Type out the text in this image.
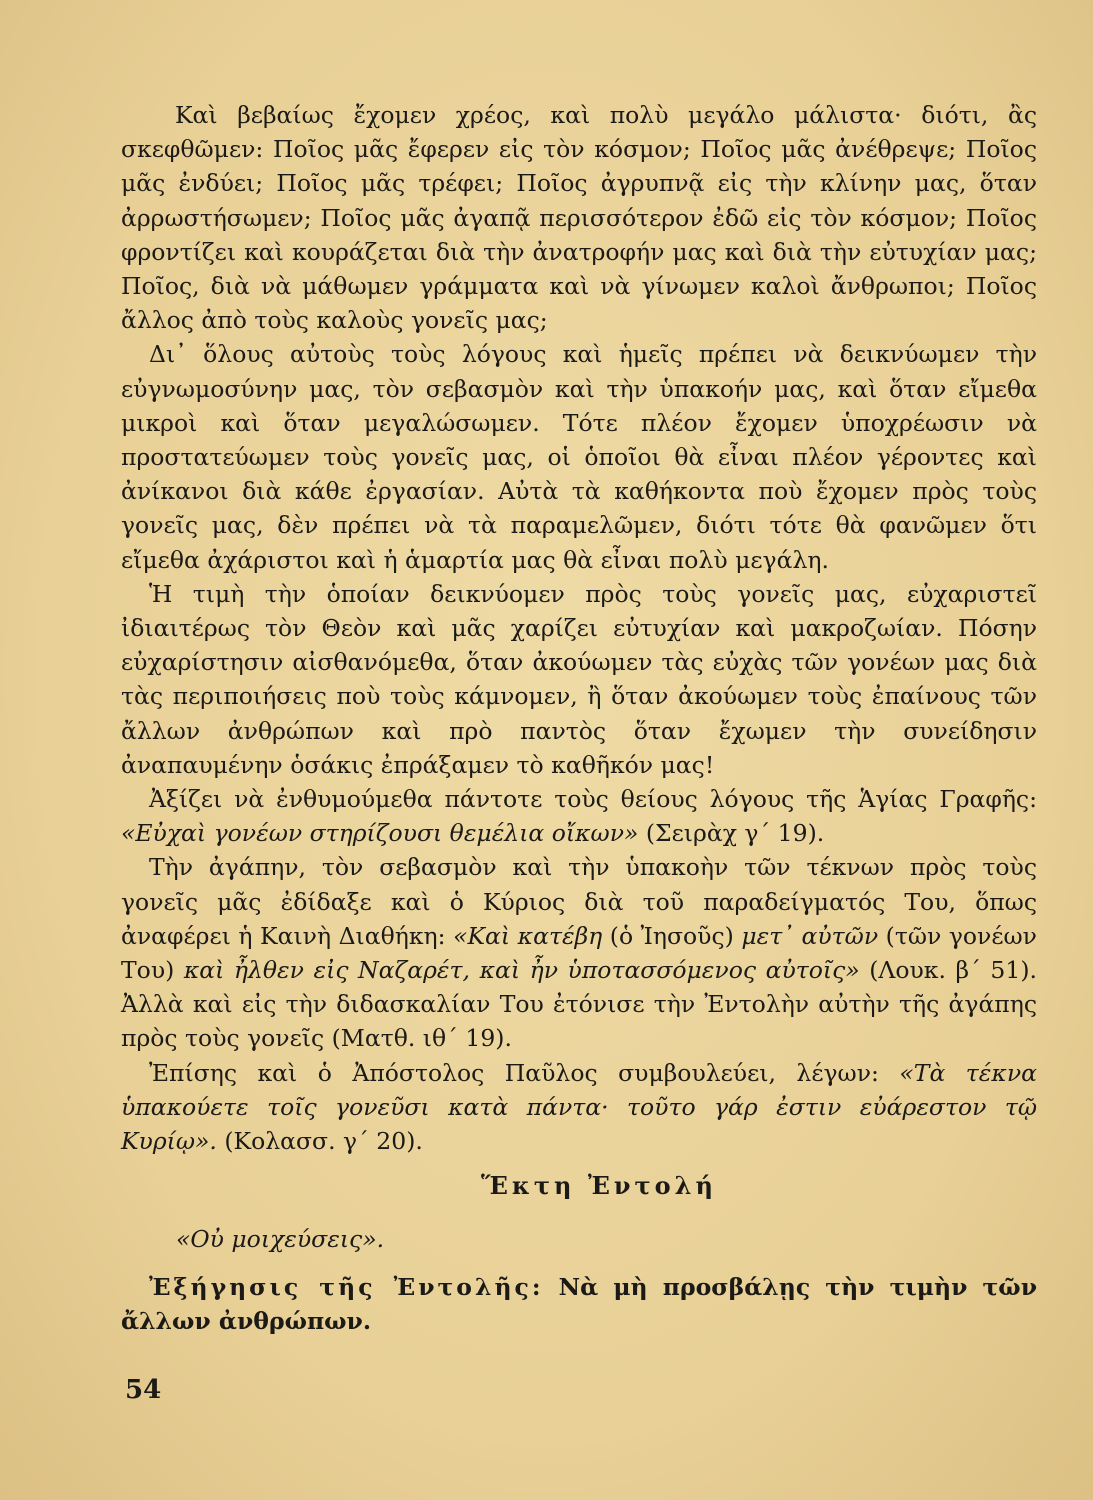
Καὶ βεβαίως ἔχομεν χρέος, καὶ πολὺ μεγάλο μάλιστα· διότι, ἂς σκεφθῶμεν: Ποῖος μᾶς ἔφερεν εἰς τὸν κόσμον; Ποῖος μᾶς ἀνέθρεψε; Ποῖος μᾶς ἐνδύει; Ποῖος μᾶς τρέφει; Ποῖος ἀγρυπνᾷ εἰς τὴν κλίνην μας, ὅταν ἀρρωστήσωμεν; Ποῖος μᾶς ἀγαπᾷ περισσότερον ἐδῶ εἰς τὸν κόσμον; Ποῖος φροντίζει καὶ κουράζεται διὰ τὴν ἀνατροφήν μας καὶ διὰ τὴν εὐτυχίαν μας; Ποῖος, διὰ νὰ μάθωμεν γράμματα καὶ νὰ γίνωμεν καλοὶ ἄνθρωποι; Ποῖος ἄλλος ἀπὸ τοὺς καλοὺς γονεῖς μας;

Δι᾽ ὅλους αὐτοὺς τοὺς λόγους καὶ ἡμεῖς πρέπει νὰ δεικνύωμεν τὴν εὐγνωμοσύνην μας, τὸν σεβασμὸν καὶ τὴν ὑπακοήν μας, καὶ ὅταν εἴμεθα μικροὶ καὶ ὅταν μεγαλώσωμεν. Τότε πλέον ἔχομεν ὑποχρέωσιν νὰ προστατεύωμεν τοὺς γονεῖς μας, οἱ ὁποῖοι θὰ εἶναι πλέον γέροντες καὶ ἀνίκανοι διὰ κάθε ἐργασίαν. Αὐτὰ τὰ καθήκοντα ποὺ ἔχομεν πρὸς τοὺς γονεῖς μας, δὲν πρέπει νὰ τὰ παραμελῶμεν, διότι τότε θὰ φανῶμεν ὅτι εἴμεθα ἀχάριστοι καὶ ἡ ἁμαρτία μας θὰ εἶναι πολὺ μεγάλη.

Ἡ τιμὴ τὴν ὁποίαν δεικνύομεν πρὸς τοὺς γονεῖς μας, εὐχαριστεῖ ἰδιαιτέρως τὸν Θεὸν καὶ μᾶς χαρίζει εὐτυχίαν καὶ μακροζωίαν. Πόσην εὐχαρίστησιν αἰσθανόμεθα, ὅταν ἀκούωμεν τὰς εὐχὰς τῶν γονέων μας διὰ τὰς περιποιήσεις ποὺ τοὺς κάμνομεν, ἢ ὅταν ἀκούωμεν τοὺς ἐπαίνους τῶν ἄλλων ἀνθρώπων καὶ πρὸ παντὸς ὅταν ἔχωμεν τὴν συνείδησιν ἀναπαυμένην ὁσάκις ἐπράξαμεν τὸ καθῆκόν μας!

Ἀξίζει νὰ ἐνθυμούμεθα πάντοτε τοὺς θείους λόγους τῆς Ἁγίας Γραφῆς: «Εὐχαὶ γονέων στηρίζουσι θεμέλια οἴκων» (Σειρὰχ γ΄ 19).

Τὴν ἀγάπην, τὸν σεβασμὸν καὶ τὴν ὑπακοὴν τῶν τέκνων πρὸς τοὺς γονεῖς μᾶς ἐδίδαξε καὶ ὁ Κύριος διὰ τοῦ παραδείγματός Του, ὅπως ἀναφέρει ἡ Καινὴ Διαθήκη: «Καὶ κατέβη (ὁ Ἰησοῦς) μετ᾽ αὐτῶν (τῶν γονέων Του) καὶ ἦλθεν εἰς Ναζαρέτ, καὶ ἦν ὑποτασσόμενος αὐτοῖς» (Λουκ. β΄ 51). Ἀλλὰ καὶ εἰς τὴν διδασκαλίαν Του ἐτόνισε τὴν Ἐντολὴν αὐτὴν τῆς ἀγάπης πρὸς τοὺς γονεῖς (Ματθ. ιθ΄ 19).

Ἐπίσης καὶ ὁ Ἀπόστολος Παῦλος συμβουλεύει, λέγων: «Τὰ τέκνα ὑπακούετε τοῖς γονεῦσι κατὰ πάντα· τοῦτο γάρ ἐστιν εὐάρεστον τῷ Κυρίῳ». (Κολασσ. γ΄ 20).

Ἕκτη Ἐντολή
«Οὐ μοιχεύσεις».

Ἐξήγησις τῆς Ἐντολῆς: Νὰ μὴ προσβάλῃς τὴν τιμὴν τῶν ἄλλων ἀνθρώπων.

54
